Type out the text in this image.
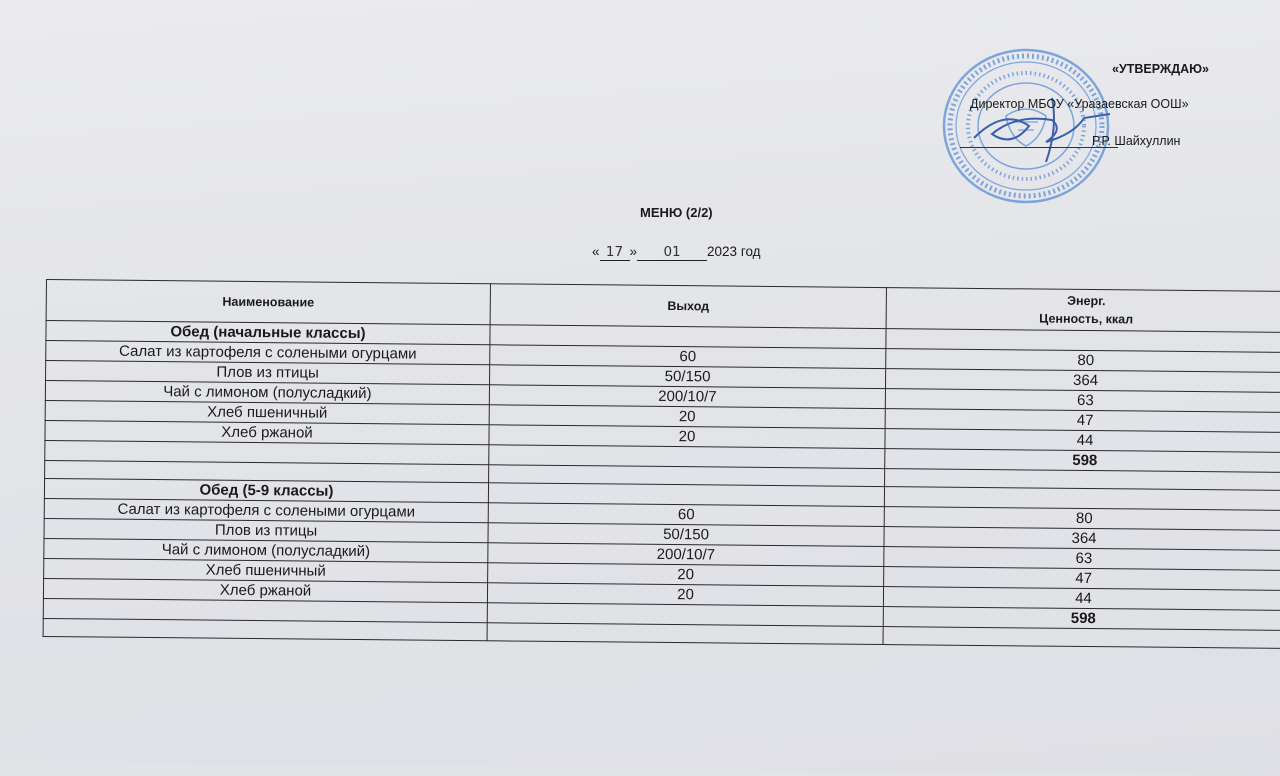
«УТВЕРЖДАЮ»
Директор МБОУ «Уразаевская ООШ»
Р.Р. Шайхуллин
МЕНЮ (2/2)
« 17 » 01 2023 год
Наименование	Выход	Энерг.
Ценность, ккал
Обед (начальные классы)		
Салат из картофеля с солеными огурцами	60	80
Плов из птицы	50/150	364
Чай с лимоном (полусладкий)	200/10/7	63
Хлеб пшеничный	20	47
Хлеб ржаной	20	44
		598

Обед (5-9 классы)		
Салат из картофеля с солеными огурцами	60	80
Плов из птицы	50/150	364
Чай с лимоном (полусладкий)	200/10/7	63
Хлеб пшеничный	20	47
Хлеб ржаной	20	44
		598
